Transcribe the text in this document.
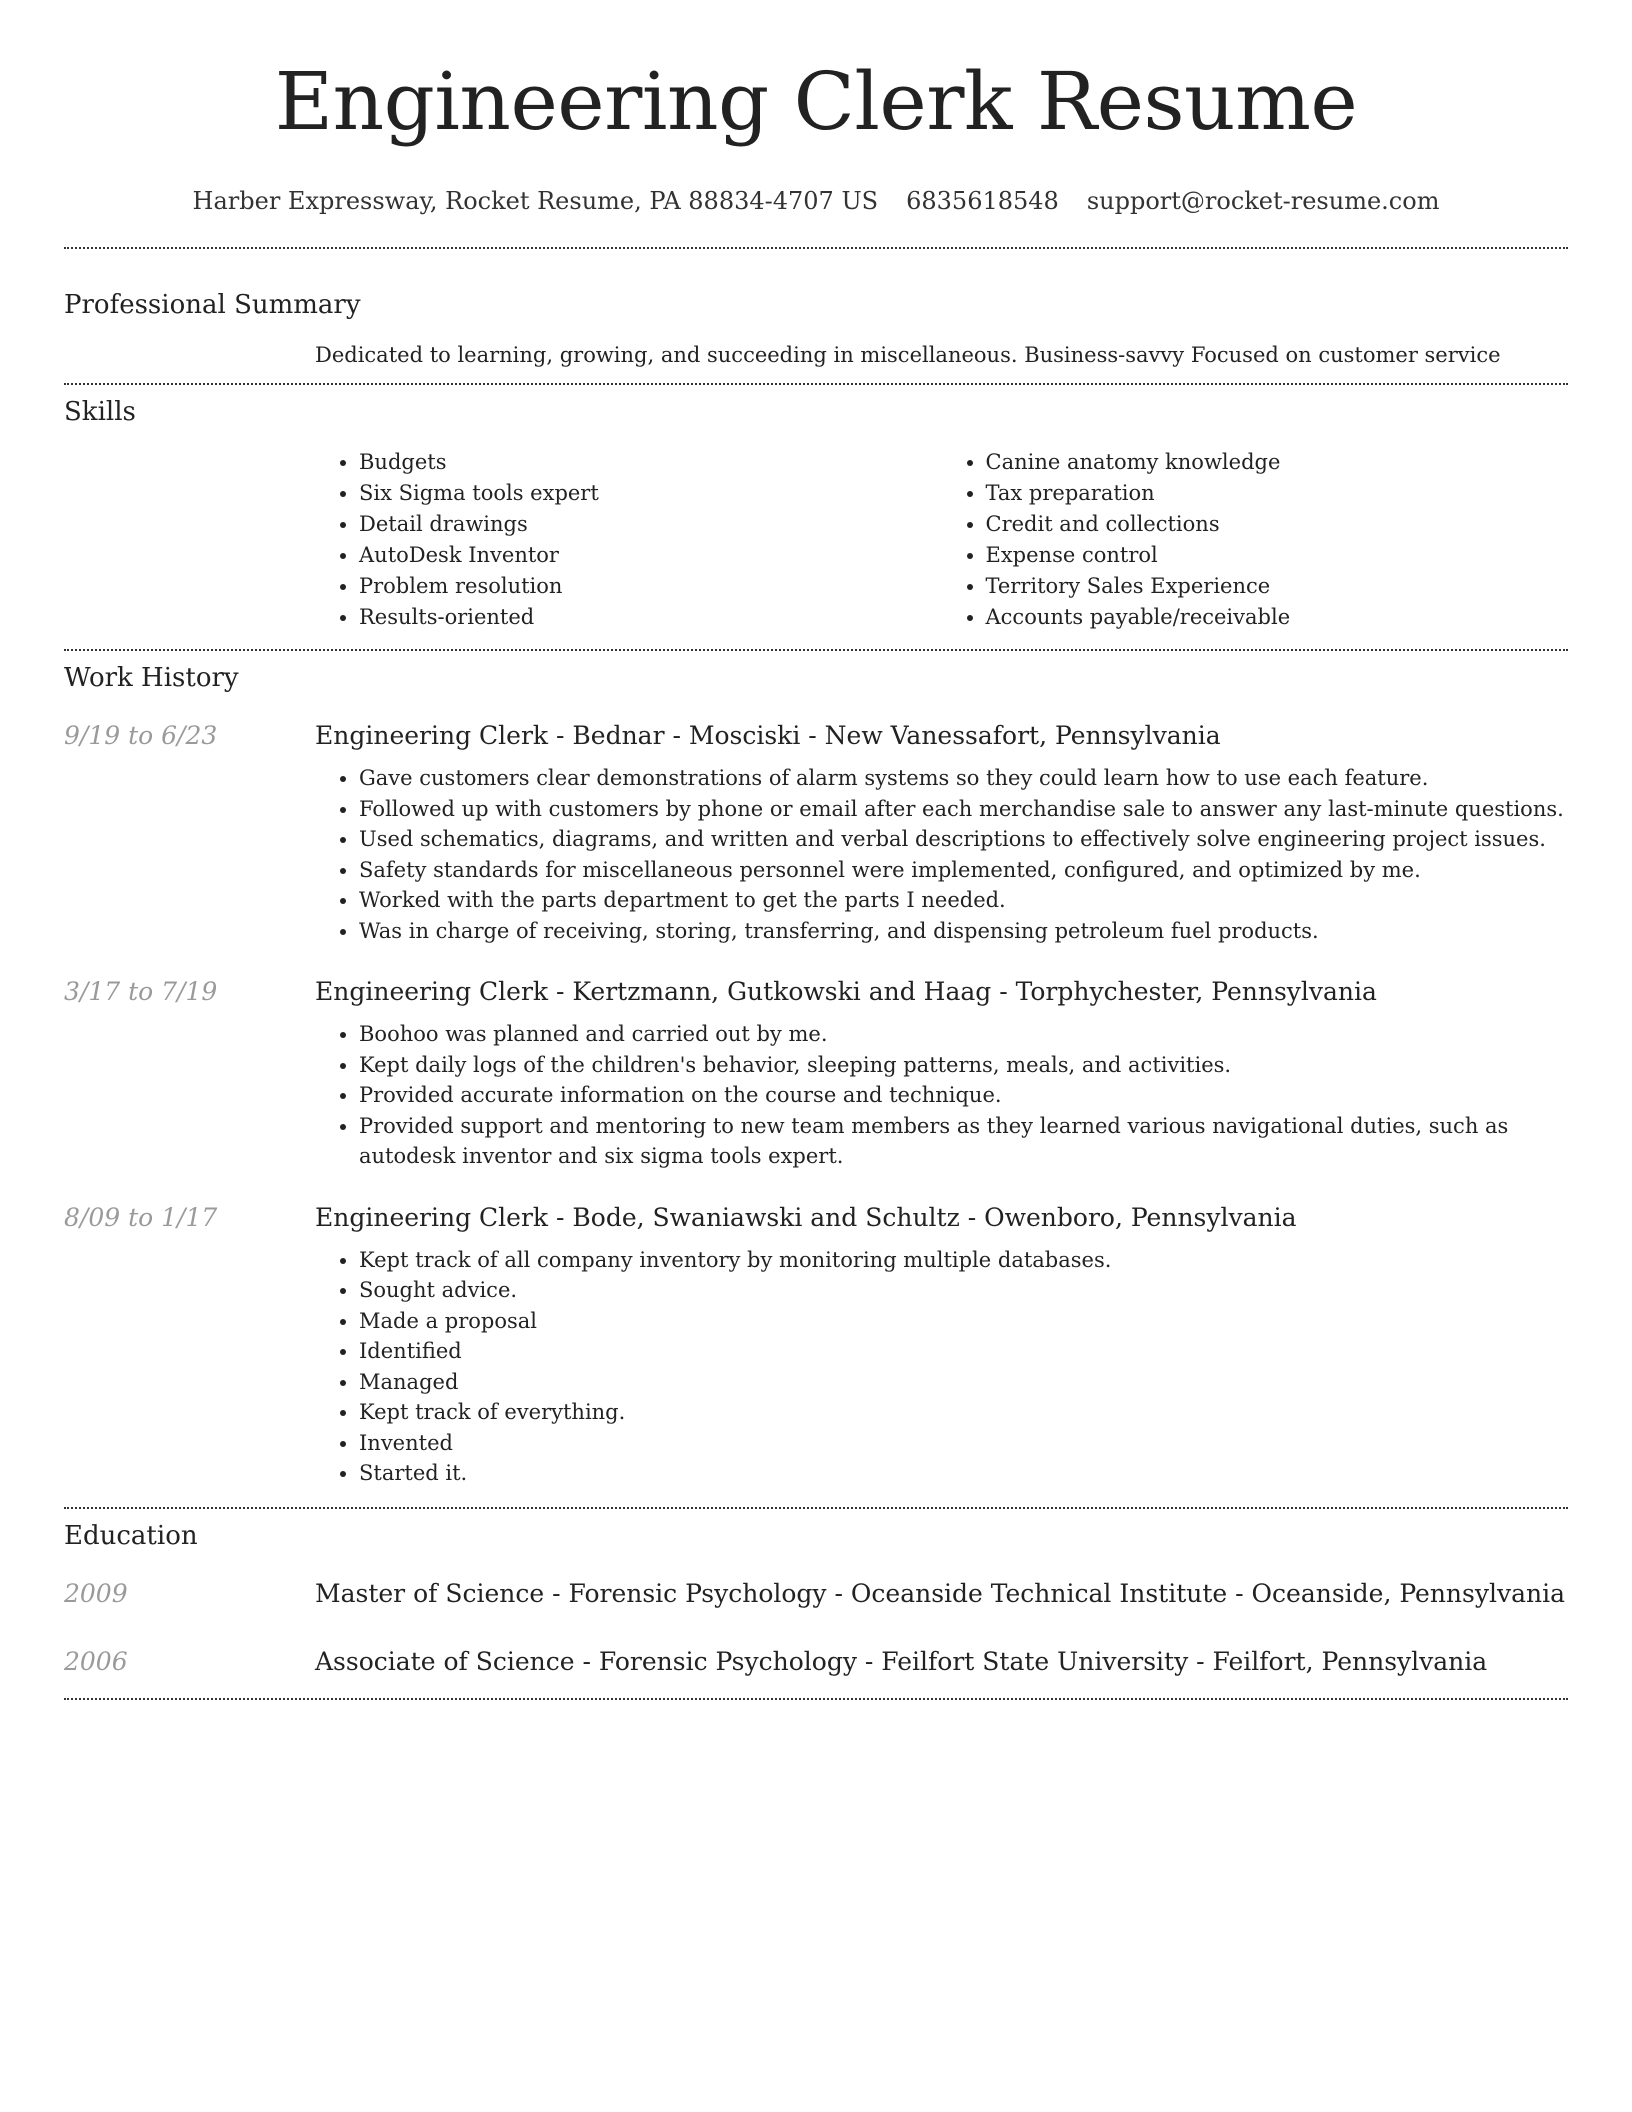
Engineering Clerk Resume
Harber Expressway, Rocket Resume, PA 88834-4707 US 6835618548 support@rocket-resume.com
Professional Summary
Dedicated to learning, growing, and succeeding in miscellaneous. Business-savvy Focused on customer service
Skills
• Budgets
• Six Sigma tools expert
• Detail drawings
• AutoDesk Inventor
• Problem resolution
• Results-oriented
• Canine anatomy knowledge
• Tax preparation
• Credit and collections
• Expense control
• Territory Sales Experience
• Accounts payable/receivable
Work History
9/19 to 6/23	Engineering Clerk - Bednar - Mosciski - New Vanessafort, Pennsylvania
• Gave customers clear demonstrations of alarm systems so they could learn how to use each feature.
• Followed up with customers by phone or email after each merchandise sale to answer any last-minute questions.
• Used schematics, diagrams, and written and verbal descriptions to effectively solve engineering project issues.
• Safety standards for miscellaneous personnel were implemented, configured, and optimized by me.
• Worked with the parts department to get the parts I needed.
• Was in charge of receiving, storing, transferring, and dispensing petroleum fuel products.
3/17 to 7/19	Engineering Clerk - Kertzmann, Gutkowski and Haag - Torphychester, Pennsylvania
• Boohoo was planned and carried out by me.
• Kept daily logs of the children's behavior, sleeping patterns, meals, and activities.
• Provided accurate information on the course and technique.
• Provided support and mentoring to new team members as they learned various navigational duties, such as autodesk inventor and six sigma tools expert.
8/09 to 1/17	Engineering Clerk - Bode, Swaniawski and Schultz - Owenboro, Pennsylvania
• Kept track of all company inventory by monitoring multiple databases.
• Sought advice.
• Made a proposal
• Identified
• Managed
• Kept track of everything.
• Invented
• Started it.
Education
2009	Master of Science - Forensic Psychology - Oceanside Technical Institute - Oceanside, Pennsylvania
2006	Associate of Science - Forensic Psychology - Feilfort State University - Feilfort, Pennsylvania
